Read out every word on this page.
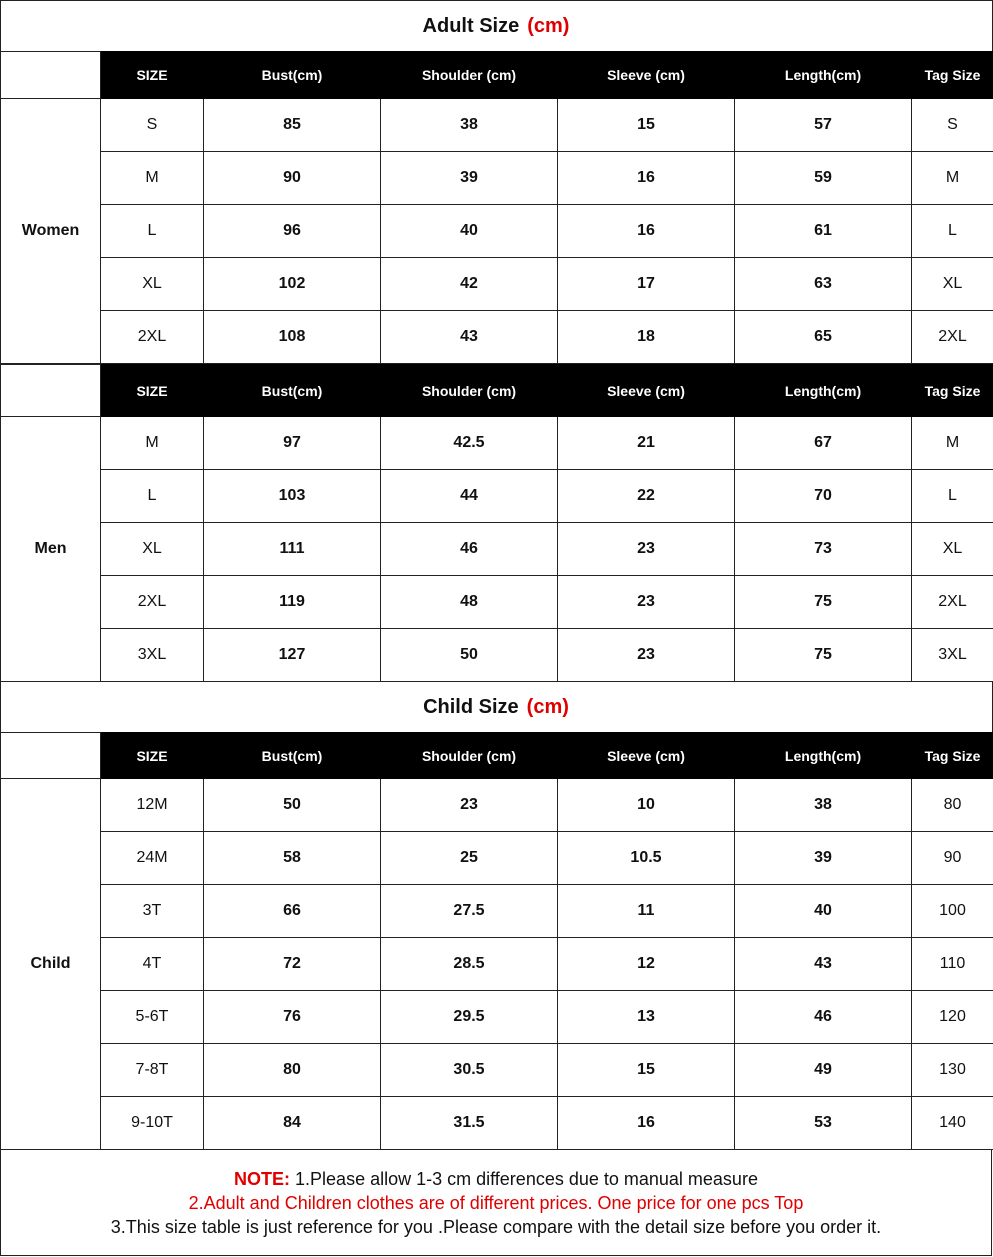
Adult Size (cm)
	SIZE	Bust(cm)	Shoulder (cm)	Sleeve (cm)	Length(cm)	Tag Size
Women	S	85	38	15	57	S
	M	90	39	16	59	M
	L	96	40	16	61	L
	XL	102	42	17	63	XL
	2XL	108	43	18	65	2XL
	SIZE	Bust(cm)	Shoulder (cm)	Sleeve (cm)	Length(cm)	Tag Size
Men	M	97	42.5	21	67	M
	L	103	44	22	70	L
	XL	111	46	23	73	XL
	2XL	119	48	23	75	2XL
	3XL	127	50	23	75	3XL
Child Size (cm)
	SIZE	Bust(cm)	Shoulder (cm)	Sleeve (cm)	Length(cm)	Tag Size
Child	12M	50	23	10	38	80
	24M	58	25	10.5	39	90
	3T	66	27.5	11	40	100
	4T	72	28.5	12	43	110
	5-6T	76	29.5	13	46	120
	7-8T	80	30.5	15	49	130
	9-10T	84	31.5	16	53	140
NOTE: 1.Please allow 1-3 cm differences due to manual measure
2.Adult and Children clothes are of different prices. One price for one pcs Top
3.This size table is just reference for you .Please compare with the detail size before you order it.
